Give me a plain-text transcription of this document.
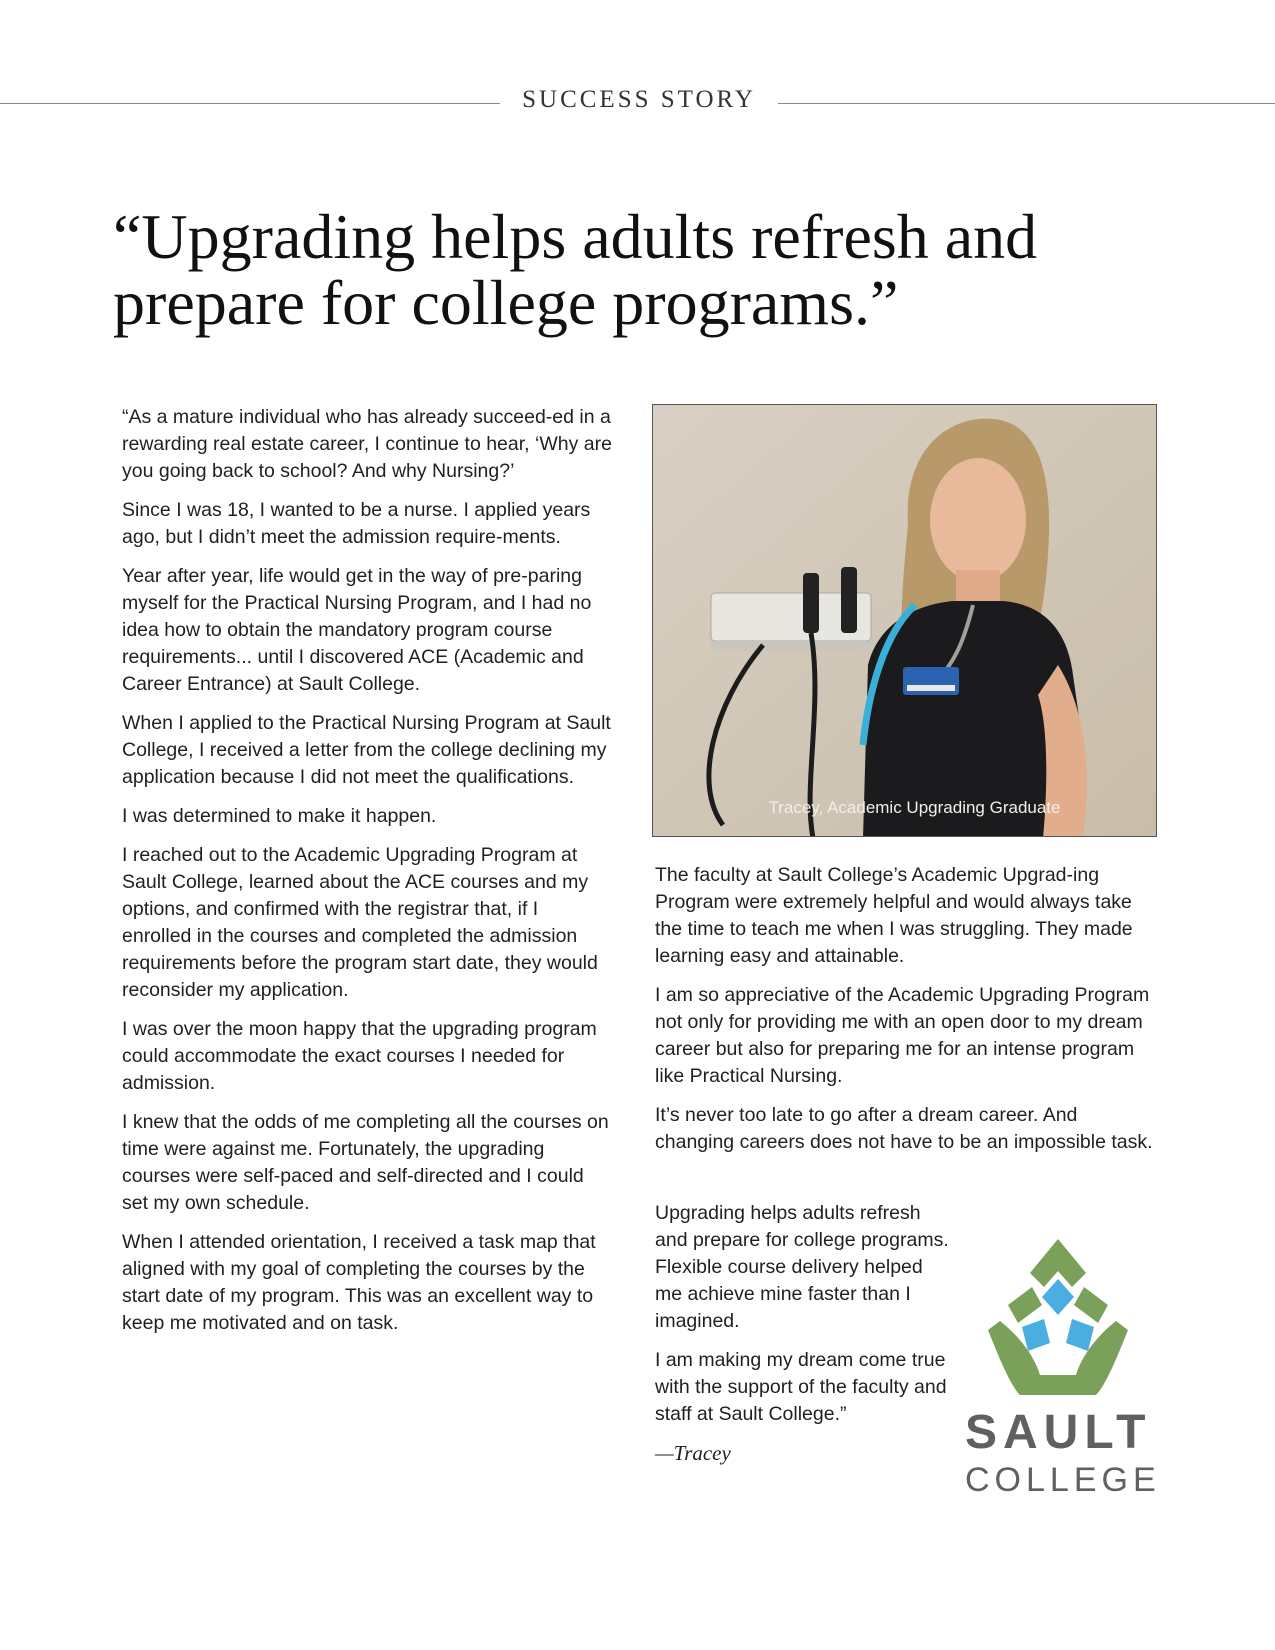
SUCCESS STORY
“Upgrading helps adults refresh and
prepare for college programs.”

“As a mature individual who has already succeed-ed in a rewarding real estate career, I continue to hear, ‘Why are you going back to school? And why Nursing?’

Since I was 18, I wanted to be a nurse. I applied years ago, but I didn’t meet the admission require-ments.

Year after year, life would get in the way of pre-paring myself for the Practical Nursing Program, and I had no idea how to obtain the mandatory program course requirements... until I discovered ACE (Academic and Career Entrance) at Sault College.

When I applied to the Practical Nursing Program at Sault College, I received a letter from the college declining my application because I did not meet the qualifications.

I was determined to make it happen.

I reached out to the Academic Upgrading Program at Sault College, learned about the ACE courses and my options, and confirmed with the registrar that, if I enrolled in the courses and completed the admission requirements before the program start date, they would reconsider my application.

I was over the moon happy that the upgrading program could accommodate the exact courses I needed for admission.

I knew that the odds of me completing all the courses on time were against me. Fortunately, the upgrading courses were self-paced and self-directed and I could set my own schedule.

When I attended orientation, I received a task map that aligned with my goal of completing the courses by the start date of my program. This was an excellent way to keep me motivated and on task.

Tracey, Academic Upgrading Graduate

The faculty at Sault College’s Academic Upgrad-ing Program were extremely helpful and would always take the time to teach me when I was struggling. They made learning easy and attainable.

I am so appreciative of the Academic Upgrading Program not only for providing me with an open door to my dream career but also for preparing me for an intense program like Practical Nursing.

It’s never too late to go after a dream career. And changing careers does not have to be an impossible task.

Upgrading helps adults refresh and prepare for college programs. Flexible course delivery helped me achieve mine faster than I imagined.

I am making my dream come true with the support of the faculty and staff at Sault College.”

—Tracey	SAULT
COLLEGE
